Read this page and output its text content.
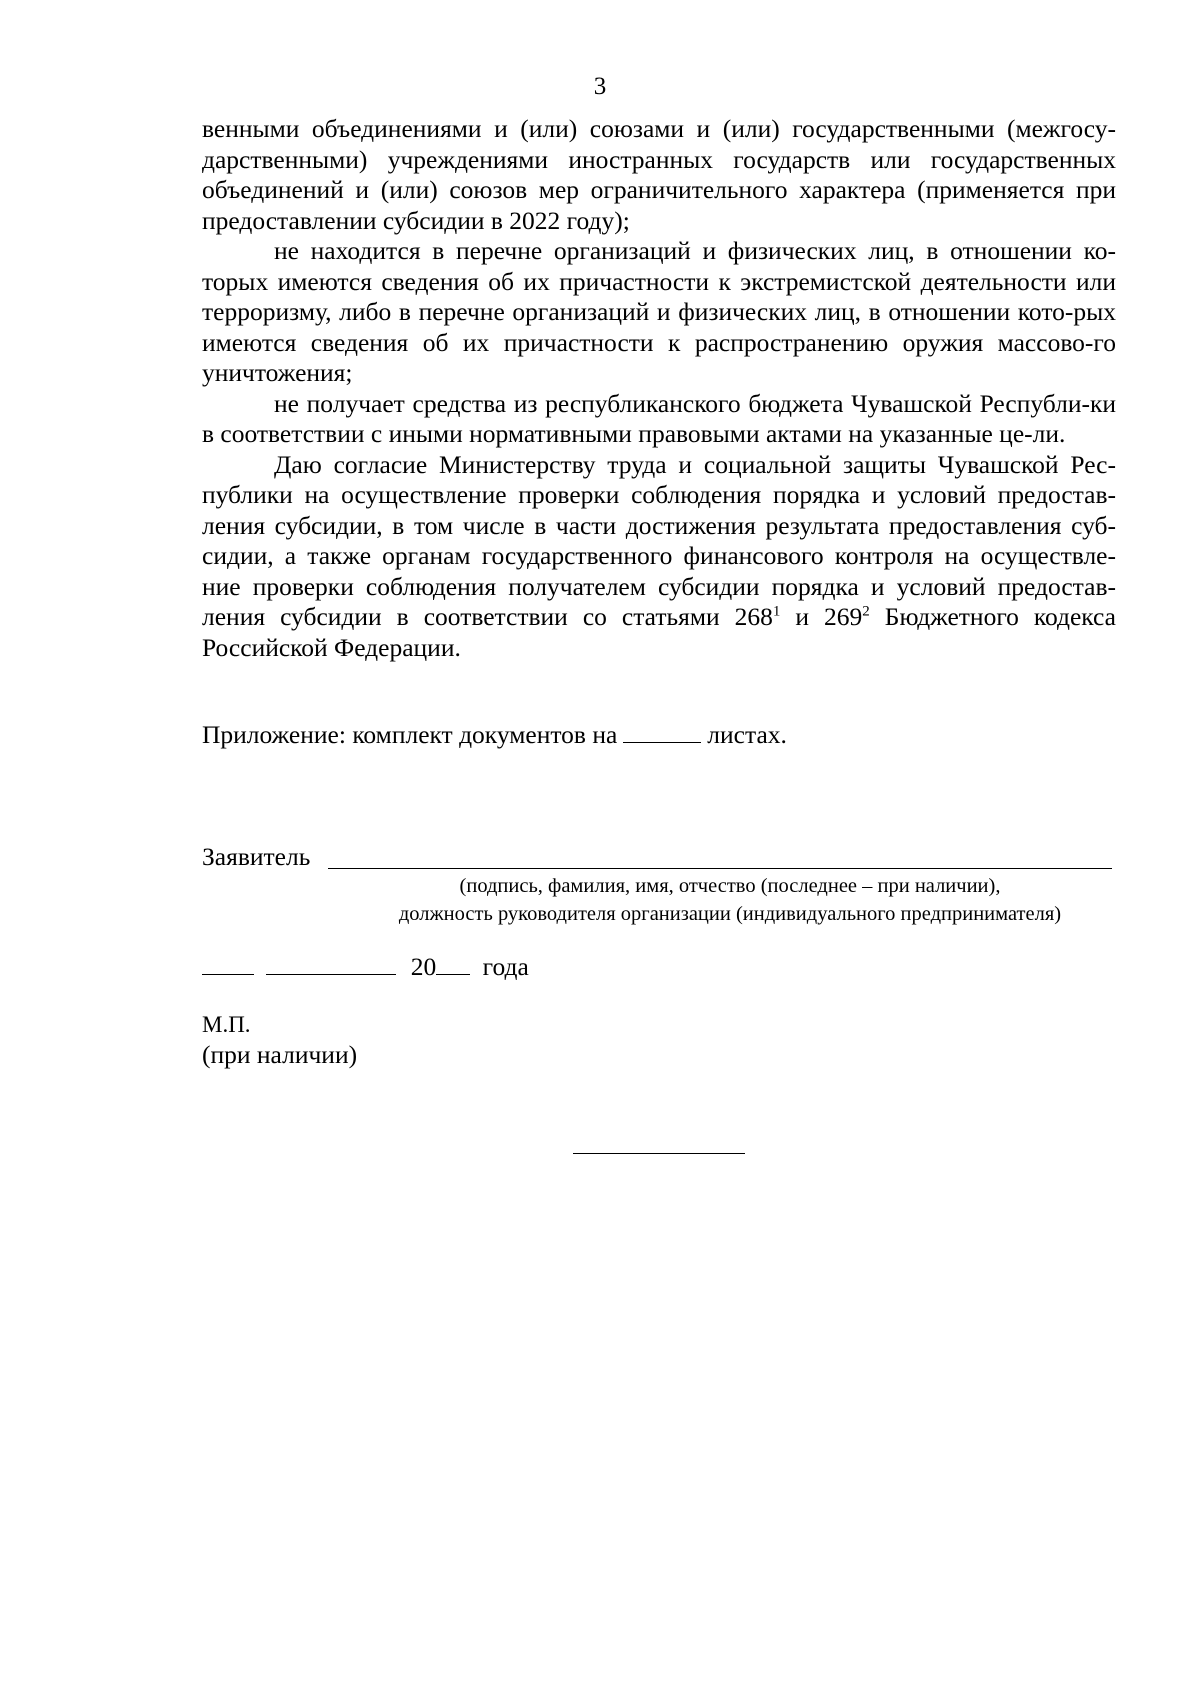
3

венными объединениями и (или) союзами и (или) государственными (межгосу-дарственными) учреждениями иностранных государств или государственных объединений и (или) союзов мер ограничительного характера (применяется при предоставлении субсидии в 2022 году);

не находится в перечне организаций и физических лиц, в отношении ко-торых имеются сведения об их причастности к экстремистской деятельности или терроризму, либо в перечне организаций и физических лиц, в отношении кото-рых имеются сведения об их причастности к распространению оружия массово-го уничтожения;

не получает средства из республиканского бюджета Чувашской Республи-ки в соответствии с иными нормативными правовыми актами на указанные це-ли.

Даю согласие Министерству труда и социальной защиты Чувашской Рес-публики на осуществление проверки соблюдения порядка и условий предостав-ления субсидии, в том числе в части достижения результата предоставления суб-сидии, а также органам государственного финансового контроля на осуществле-ние проверки соблюдения получателем субсидии порядка и условий предостав-ления субсидии в соответствии со статьями $268^1$ и $269^2$ Бюджетного кодекса Российской Федерации.

Приложение: комплект документов на	листах.
Заявитель
(подпись, фамилия, имя, отчество (последнее – при наличии),
должность руководителя организации (индивидуального предпринимателя)
20 года
М.П.
(при наличии)
